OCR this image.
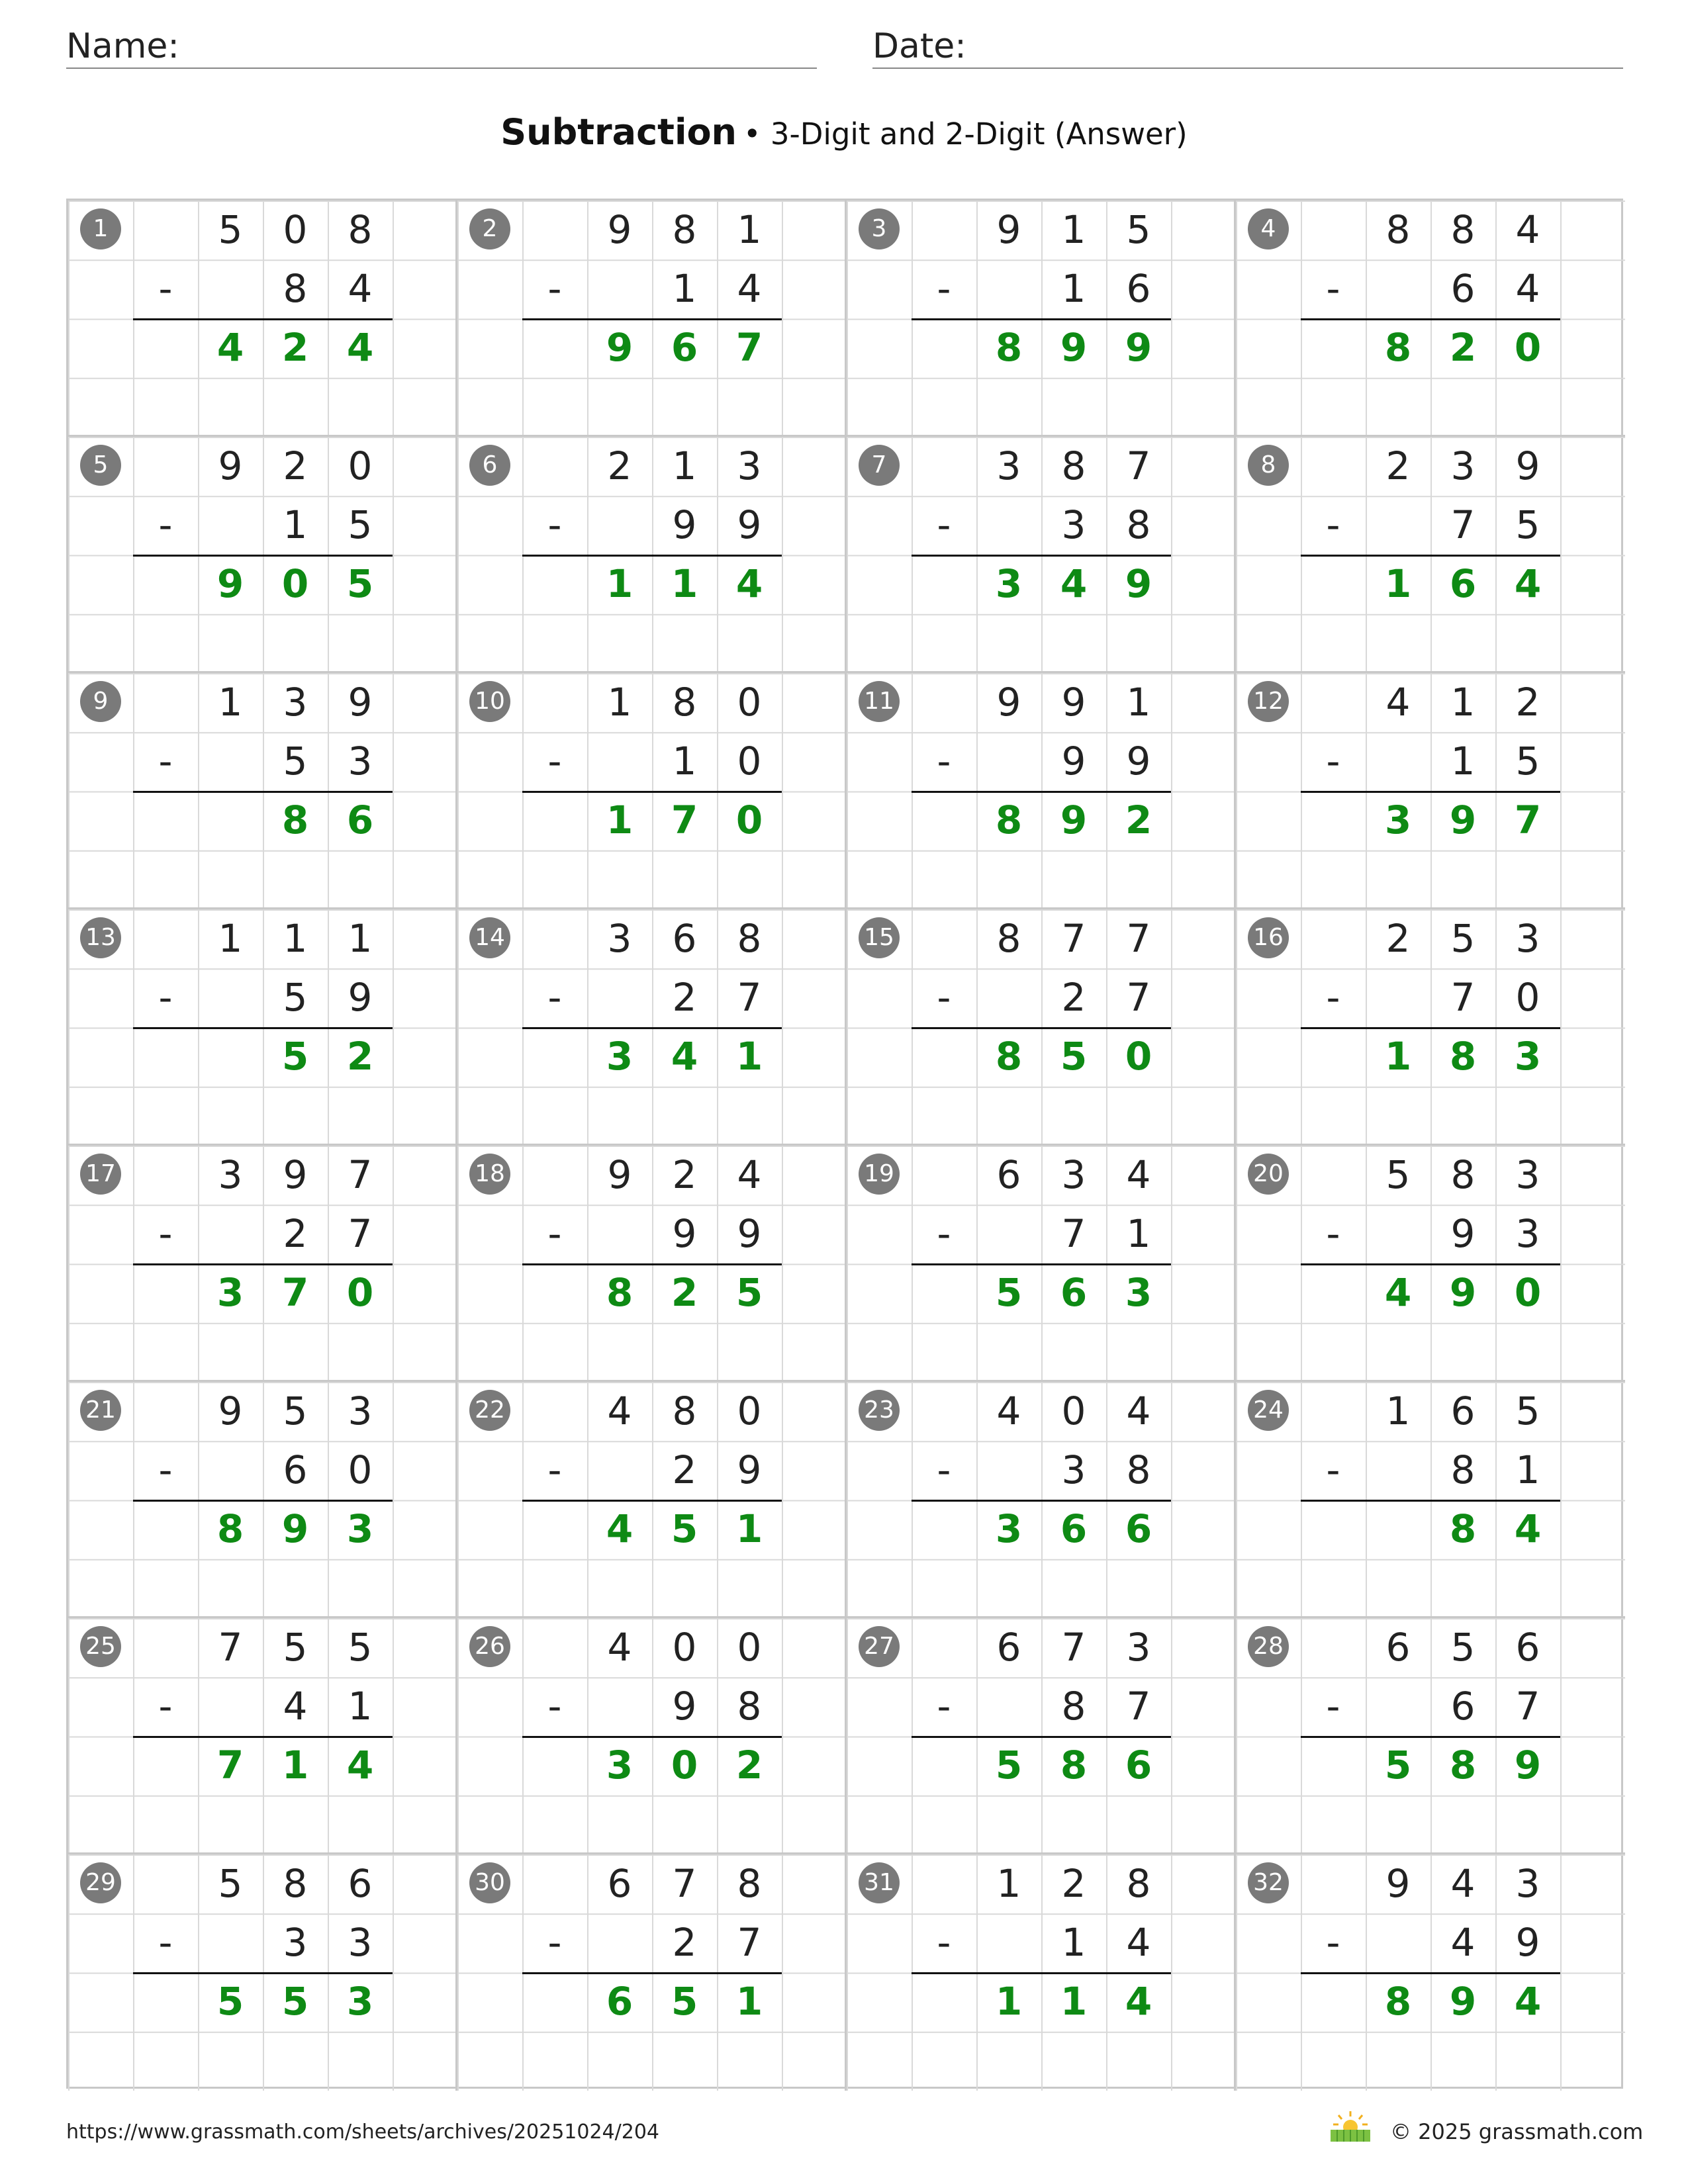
Name:	Date:
Subtraction • 3-Digit and 2-Digit (Answer)
1	5	0	8
-	8	4
4 2 4
2	9	8	1
-	1	4
9 6 7
3	9	1	5
-	1	6
8 9 9
4	8	8	4
-	6	4
8 2 0
5	9	2	0
-	1	5
9 0 5
6	2	1	3
-	9	9
1 1 4
7	3	8	7
-	3	8
3 4 9
8	2	3	9
-	7	5
1 6 4
9	1	3	9
-	5	3
8 6
10	1	8	0
-	1	0
1 7 0
11	9	9	1
-	9	9
8 9 2
12	4	1	2
-	1	5
3 9 7
13	1	1	1
-	5	9
5 2
14	3	6	8
-	2	7
3 4 1
15	8	7	7
-	2	7
8 5 0
16	2	5	3
-	7	0
1 8 3
17	3	9	7
-	2	7
3 7 0
18	9	2	4
-	9	9
8 2 5
19	6	3	4
-	7	1
5 6 3
20	5	8	3
-	9	3
4 9 0
21	9	5	3
-	6	0
8 9 3
22	4	8	0
-	2	9
4 5 1
23	4	0	4
-	3	8
3 6 6
24	1	6	5
-	8	1
8 4
25	7	5	5
-	4	1
7 1 4
26	4	0	0
-	9	8
3 0 2
27	6	7	3
-	8	7
5 8 6
28	6	5	6
-	6	7
5 8 9
29	5	8	6
-	3	3
5 5 3
30	6	7	8
-	2	7
6 5 1
31	1	2	8
-	1	4
1 1 4
32	9	4	3
-	4	9
8 9 4
https://www.grassmath.com/sheets/archives/20251024/204	© 2025 grassmath.com
